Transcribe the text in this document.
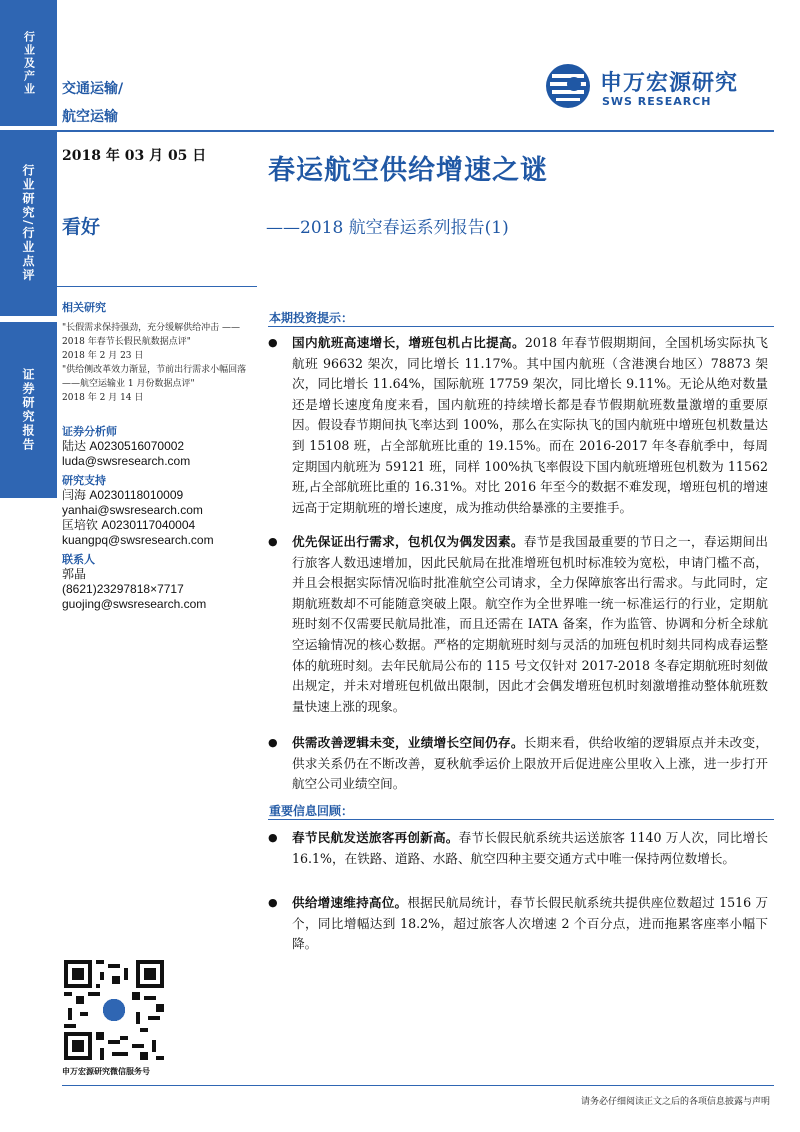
行业及产业
行业研究/行业点评
证券研究报告
交通运输/
航空运输
2018 年 03 月 05 日
看好
申万宏源研究
SWS RESEARCH
春运航空供给增速之谜
——2018 航空春运系列报告(1)
相关研究
"长假需求保持强劲，充分缓解供给冲击 —— 2018 年春节长假民航数据点评"
2018 年 2 月 23 日
"供给侧改革效力渐显，节前出行需求小幅回落——航空运输业 1 月份数据点评"
2018 年 2 月 14 日
证券分析师
陆达 A0230516070002
luda@swsresearch.com
研究支持
闫海 A0230118010009
yanhai@swsresearch.com
匡培钦 A0230117040004
kuangpq@swsresearch.com
联系人
郭晶
(8621)23297818×7717
guojing@swsresearch.com
本期投资提示：
●	国内航班高速增长，增班包机占比提高。2018 年春节假期期间，全国机场实际执飞航班 96632 架次，同比增长 11.17%。其中国内航班（含港澳台地区）78873 架次，同比增长 11.64%，国际航班 17759 架次，同比增长 9.11%。无论从绝对数量还是增长速度角度来看，国内航班的持续增长都是春节假期航班数量激增的重要原因。假设春节期间执飞率达到 100%，那么在实际执飞的国内航班中增班包机数量达到 15108 班，占全部航班比重的 19.15%。而在 2016-2017 年冬春航季中，每周定期国内航班为 59121 班，同样 100%执飞率假设下国内航班增班包机数为 11562 班,占全部航班比重的 16.31%。对比 2016 年至今的数据不难发现，增班包机的增速远高于定期航班的增长速度，成为推动供给暴涨的主要推手。
●	优先保证出行需求，包机仅为偶发因素。春节是我国最重要的节日之一，春运期间出行旅客人数迅速增加，因此民航局在批准增班包机时标准较为宽松，申请门槛不高，并且会根据实际情况临时批准航空公司请求，全力保障旅客出行需求。与此同时，定期航班数却不可能随意突破上限。航空作为全世界唯一统一标准运行的行业，定期航班时刻不仅需要民航局批准，而且还需在 IATA 备案，作为监管、协调和分析全球航空运输情况的核心数据。严格的定期航班时刻与灵活的加班包机时刻共同构成春运整体的航班时刻。去年民航局公布的 115 号文仅针对 2017-2018 冬春定期航班时刻做出规定，并未对增班包机做出限制，因此才会偶发增班包机时刻激增推动整体航班数量快速上涨的现象。
●	供需改善逻辑未变，业绩增长空间仍存。长期来看，供给收缩的逻辑原点并未改变，供求关系仍在不断改善，夏秋航季运价上限放开后促进座公里收入上涨，进一步打开航空公司业绩空间。
重要信息回顾：
●	春节民航发送旅客再创新高。春节长假民航系统共运送旅客 1140 万人次，同比增长 16.1%，在铁路、道路、水路、航空四种主要交通方式中唯一保持两位数增长。
●	供给增速维持高位。根据民航局统计，春节长假民航系统共提供座位数超过 1516 万个，同比增幅达到 18.2%，超过旅客人次增速 2 个百分点，进而拖累客座率小幅下降。
申万宏源研究微信服务号
请务必仔细阅读正文之后的各项信息披露与声明
